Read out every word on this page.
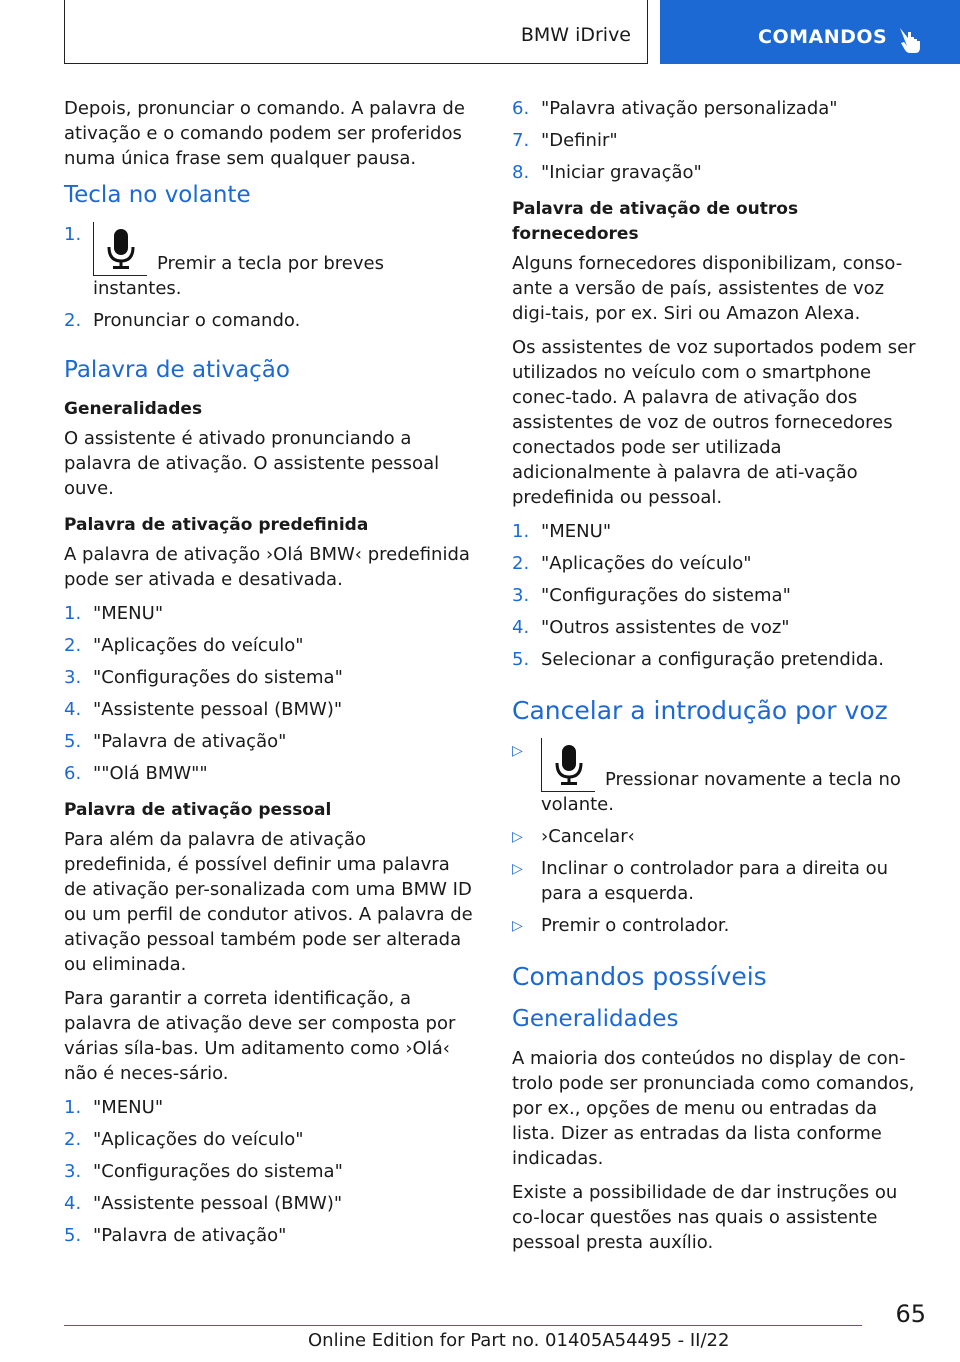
BMW iDrive	COMANDOS

Depois, pronunciar o comando. A palavra de ativação e o comando podem ser proferidos numa única frase sem qualquer pausa.

Tecla no volante
1.
Premir a tecla por breves instantes.
2. Pronunciar o comando.
Palavra de ativação
Generalidades

O assistente é ativado pronunciando a palavra de ativação. O assistente pessoal ouve.

Palavra de ativação predefinida

A palavra de ativação ›Olá BMW‹ predefinida pode ser ativada e desativada.

1. "MENU"
2. "Aplicações do veículo"
3. "Configurações do sistema"
4. "Assistente pessoal (BMW)"
5. "Palavra de ativação"
6. ""Olá BMW""
Palavra de ativação pessoal

Para além da palavra de ativação predefinida, é possível definir uma palavra de ativação per-sonalizada com uma BMW ID ou um perfil de condutor ativos. A palavra de ativação pessoal também pode ser alterada ou eliminada.

Para garantir a correta identificação, a palavra de ativação deve ser composta por várias síla-bas. Um aditamento como ›Olá‹ não é neces-sário.

1. "MENU"
2. "Aplicações do veículo"
3. "Configurações do sistema"
4. "Assistente pessoal (BMW)"
5. "Palavra de ativação"
6. "Palavra ativação personalizada"
7. "Definir"
8. "Iniciar gravação"
Palavra de ativação de outros fornecedores

Alguns fornecedores disponibilizam, conso-ante a versão de país, assistentes de voz digi-tais, por ex. Siri ou Amazon Alexa.

Os assistentes de voz suportados podem ser utilizados no veículo com o smartphone conec-tado. A palavra de ativação dos assistentes de voz de outros fornecedores conectados pode ser utilizada adicionalmente à palavra de ati-vação predefinida ou pessoal.

1. "MENU"
2. "Aplicações do veículo"
3. "Configurações do sistema"
4. "Outros assistentes de voz"
5. Selecionar a configuração pretendida.
Cancelar a introdução por voz
▷
Pressionar novamente a tecla no volante.
▷ ›Cancelar‹
▷ Inclinar o controlador para a direita ou para a esquerda.
▷ Premir o controlador.
Comandos possíveis
Generalidades

A maioria dos conteúdos no display de con-trolo pode ser pronunciada como comandos, por ex., opções de menu ou entradas da lista. Dizer as entradas da lista conforme indicadas.

Existe a possibilidade de dar instruções ou co-locar questões nas quais o assistente pessoal presta auxílio.

65
Online Edition for Part no. 01405A54495 - II/22
